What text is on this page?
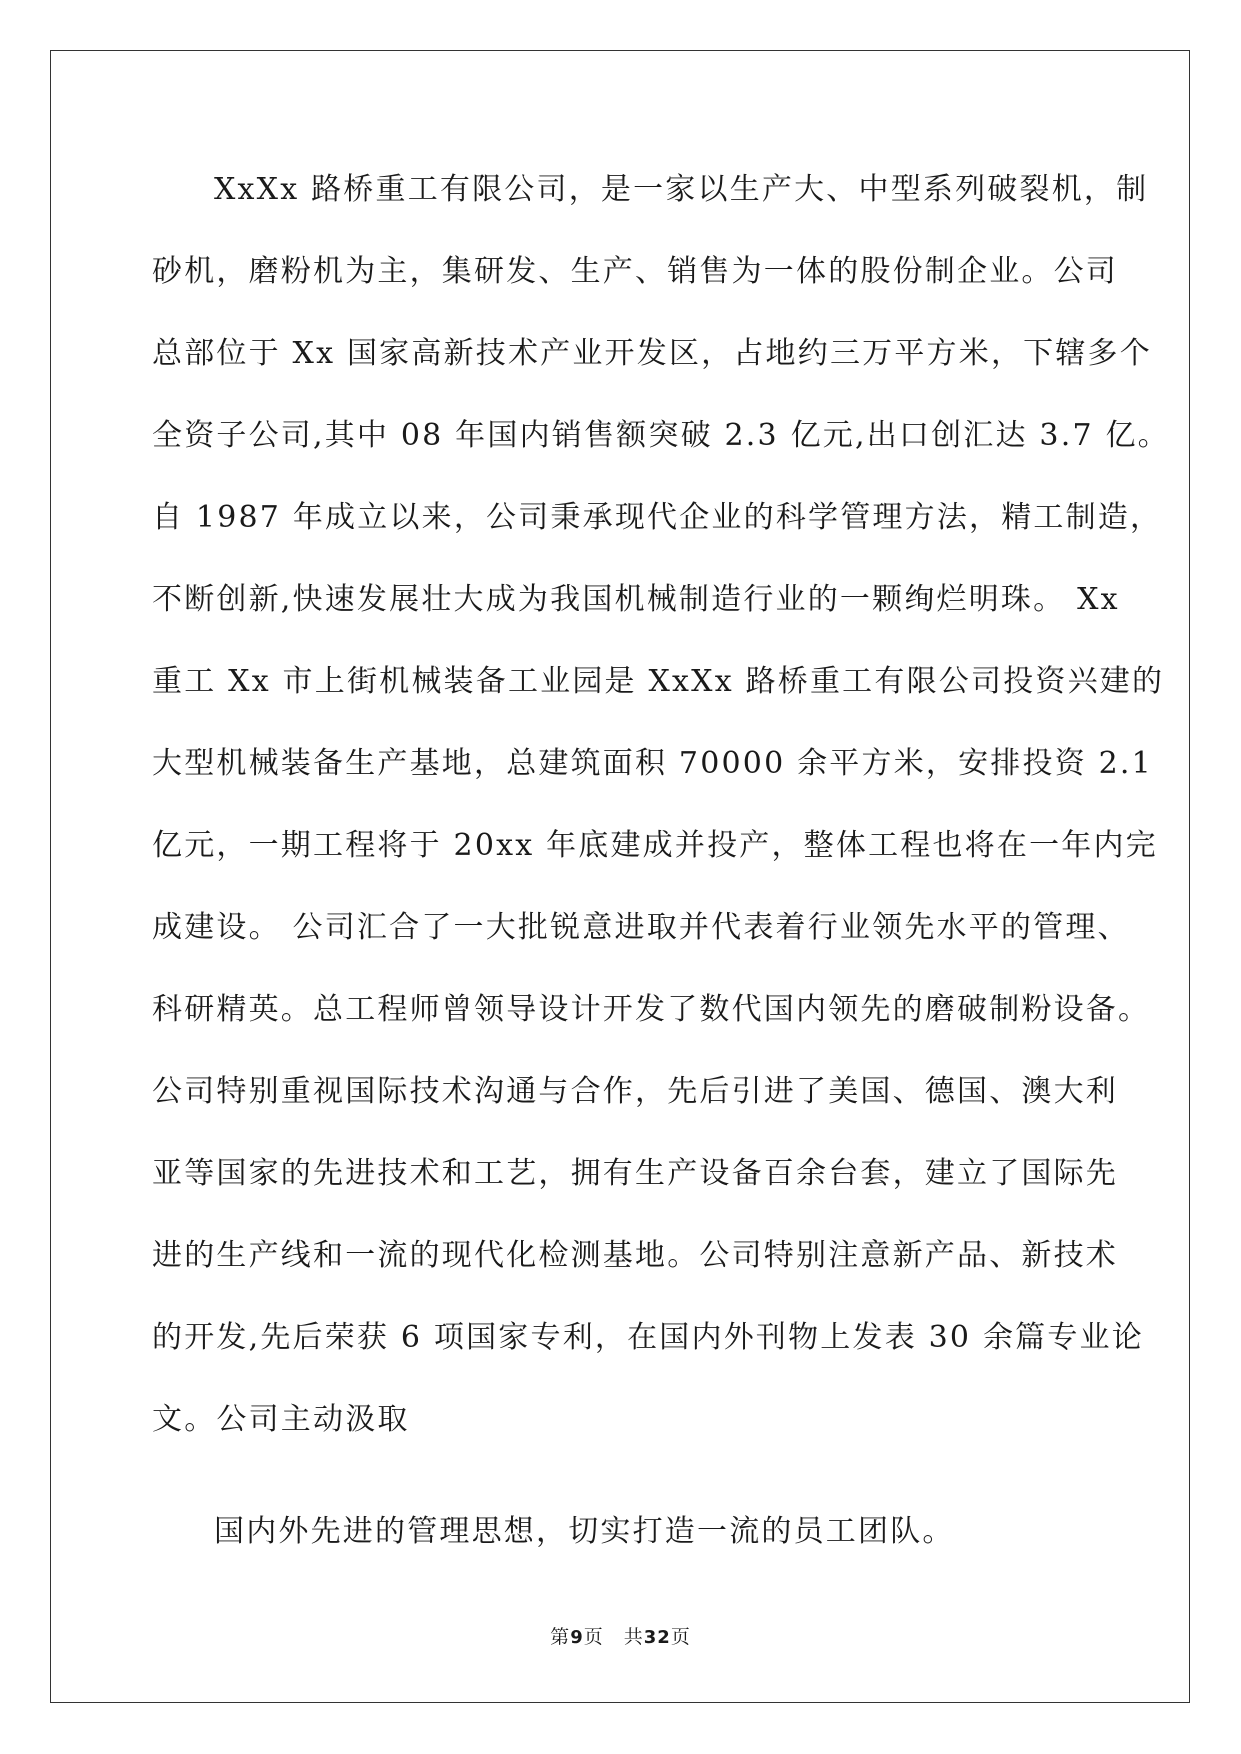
XxXx 路桥重工有限公司，是一家以生产大、中型系列破裂机，制
砂机，磨粉机为主，集研发、生产、销售为一体的股份制企业。公司
总部位于 Xx 国家高新技术产业开发区，占地约三万平方米，下辖多个
全资子公司,其中 08 年国内销售额突破 2.3 亿元,出口创汇达 3.7 亿。
自 1987 年成立以来，公司秉承现代企业的科学管理方法，精工制造，
不断创新,快速发展壮大成为我国机械制造行业的一颗绚烂明珠。 Xx
重工 Xx 市上街机械装备工业园是 XxXx 路桥重工有限公司投资兴建的
大型机械装备生产基地，总建筑面积 70000 余平方米，安排投资 2.1
亿元，一期工程将于 20xx 年底建成并投产，整体工程也将在一年内完
成建设。 公司汇合了一大批锐意进取并代表着行业领先水平的管理、
科研精英。总工程师曾领导设计开发了数代国内领先的磨破制粉设备。
公司特别重视国际技术沟通与合作，先后引进了美国、德国、澳大利
亚等国家的先进技术和工艺，拥有生产设备百余台套，建立了国际先
进的生产线和一流的现代化检测基地。公司特别注意新产品、新技术
的开发,先后荣获 6 项国家专利，在国内外刊物上发表 30 余篇专业论
文。公司主动汲取
国内外先进的管理思想，切实打造一流的员工团队。
第9页 共32页
